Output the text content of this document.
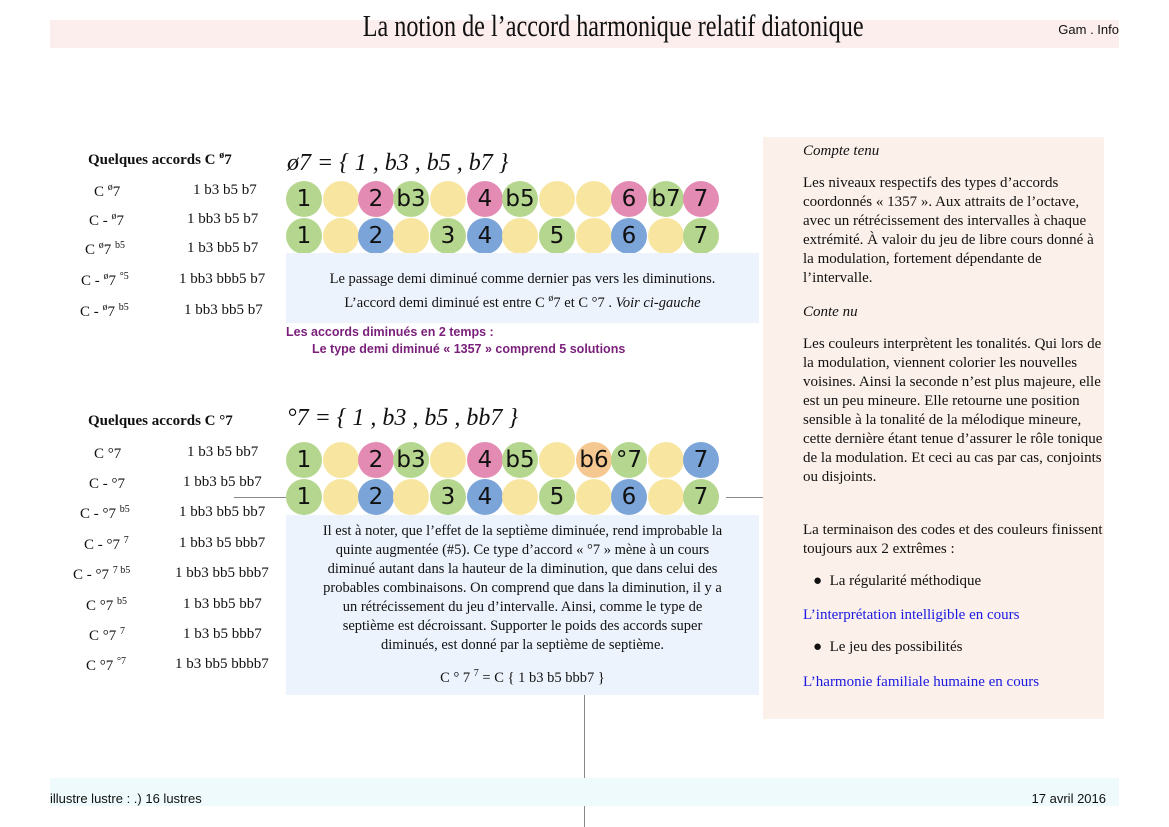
La notion de l’accord harmonique relatif diatonique	Gam . Info
Quelques accords C $^ø$7
C $^ø$7	1 b3 b5 b7
C - $^ø$7	1 bb3 b5 b7
C $^ø$7 $^{b5}$	1 b3 bb5 b7
C - $^ø$7 $^{^\circ 5}$	1 bb3 bbb5 b7
C - $^ø$7 $^{b5}$	1 bb3 bb5 b7
ø7 = { 1 , b3 , b5 , b7 }
1	2 b3	4 b5	6 b7 7
1	2	3 4	5	6	7
Le passage demi diminué comme dernier pas vers les diminutions.
L’accord demi diminué est entre C $^ø$7 et C °7 . Voir ci-gauche
Les accords diminués en 2 temps :
Le type demi diminué « 1357 » comprend 5 solutions
Quelques accords C °7
C °7	1 b3 b5 bb7
C - °7	1 bb3 b5 bb7
C - °7 $^{b5}$	1 bb3 bb5 bb7
C - °7 $^7$	1 bb3 b5 bbb7
C - °7 $^{7 b5}$	1 bb3 bb5 bbb7
C °7 $^{b5}$	1 b3 bb5 bb7
C °7 $^7$	1 b3 b5 bbb7
C °7 $^{^\circ 7}$	1 b3 bb5 bbbb7
°7 = { 1 , b3 , b5 , bb7 }
1	2 b3	4 b5 b6 °7	7
1	2	3 4	5	6	7
Il est à noter, que l’effet de la septième diminuée, rend improbable la
quinte augmentée (#5). Ce type d’accord « °7 » mène à un cours
diminué autant dans la hauteur de la diminution, que dans celui des
probables combinaisons. On comprend que dans la diminution, il y a
un rétrécissement du jeu d’intervalle. Ainsi, comme le type de
septième est décroissant. Supporter le poids des accords super
diminués, est donné par la septième de septième.
C ° 7 $^7$ = C { 1 b3 b5 bbb7 }
Compte tenu
Les niveaux respectifs des types d’accords coordonnés « 1357 ». Aux attraits de l’octave, avec un rétrécissement des intervalles à chaque extrémité. À valoir du jeu de libre cours donné à la modulation, fortement dépendante de l’intervalle.
Conte nu
Les couleurs interprètent les tonalités. Qui lors de la modulation, viennent colorier les nouvelles voisines. Ainsi la seconde n’est plus majeure, elle est un peu mineure. Elle retourne une position sensible à la tonalité de la mélodique mineure, cette dernière étant tenue d’assurer le rôle tonique de la modulation. Et ceci au cas par cas, conjoints ou disjoints.
La terminaison des codes et des couleurs finissent toujours aux 2 extrêmes :
● La régularité méthodique
L’interprétation intelligible en cours
● Le jeu des possibilités
L’harmonie familiale humaine en cours
illustre lustre : .) 16 lustres	17 avril 2016
